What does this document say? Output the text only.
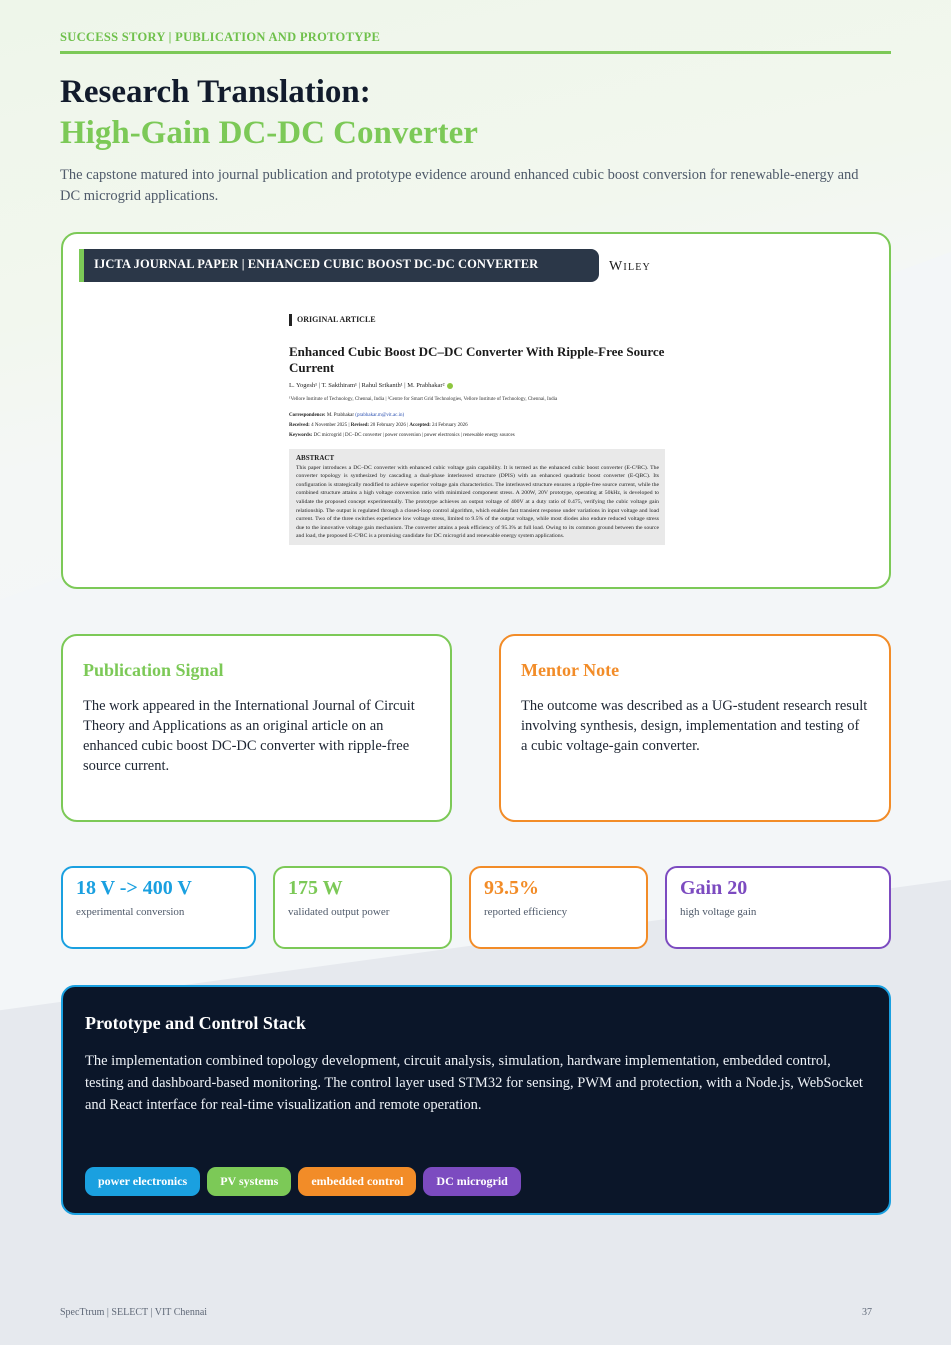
SUCCESS STORY | PUBLICATION AND PROTOTYPE
Research Translation:
High-Gain DC-DC Converter
The capstone matured into journal publication and prototype evidence around enhanced cubic boost conversion for renewable-energy and DC microgrid applications.
IJCTA JOURNAL PAPER | ENHANCED CUBIC BOOST DC-DC CONVERTER	Wiley
ORIGINAL ARTICLE
Enhanced Cubic Boost DC–DC Converter With Ripple-Free Source Current
L. Yogesh¹ | T. Sakthiram¹ | Rahul Srikanth¹ | M. Prabhakar²
¹Vellore Institute of Technology, Chennai, India | ²Centre for Smart Grid Technologies, Vellore Institute of Technology, Chennai, India
Correspondence: M. Prabhakar (prabhakar.m@vit.ac.in)
Received: 4 November 2025 | Revised: 20 February 2026 | Accepted: 24 February 2026
Keywords: DC microgrid | DC–DC converter | power conversion | power electronics | renewable energy sources
ABSTRACT
This paper introduces a DC–DC converter with enhanced cubic voltage gain capability. It is termed as the enhanced cubic boost converter (E-C³BC). The converter topology is synthesized by cascading a dual-phase interleaved structure (DPIS) with an enhanced quadratic boost converter (E-QBC). Its configuration is strategically modified to achieve superior voltage gain characteristics. The interleaved structure ensures a ripple-free source current, while the combined structure attains a high voltage conversion ratio with minimized component stress. A 200W, 20V prototype, operating at 50kHz, is developed to validate the proposed concept experimentally. The prototype achieves an output voltage of 400V at a duty ratio of 0.475, verifying the cubic voltage gain relationship. The output is regulated through a closed-loop control algorithm, which enables fast transient response under variations in input voltage and load current. Two of the three switches experience low voltage stress, limited to 9.5% of the output voltage, while most diodes also endure reduced voltage stress due to the innovative voltage gain mechanism. The converter attains a peak efficiency of 95.3% at full load. Owing to its common ground between the source and load, the proposed E-C³BC is a promising candidate for DC microgrid and renewable energy system applications.
Publication Signal

The work appeared in the International Journal of Circuit Theory and Applications as an original article on an enhanced cubic boost DC-DC converter with ripple-free source current.

Mentor Note

The outcome was described as a UG-student research result involving synthesis, design, implementation and testing of a cubic voltage-gain converter.

18 V -> 400 V
experimental conversion
175 W
validated output power
93.5%
reported efficiency
Gain 20
high voltage gain
Prototype and Control Stack

The implementation combined topology development, circuit analysis, simulation, hardware implementation, embedded control, testing and dashboard-based monitoring. The control layer used STM32 for sensing, PWM and protection, with a Node.js, WebSocket and React interface for real-time visualization and remote operation.

power electronics	PV systems	embedded control	DC microgrid
SpecTtrum | SELECT | VIT Chennai	37
